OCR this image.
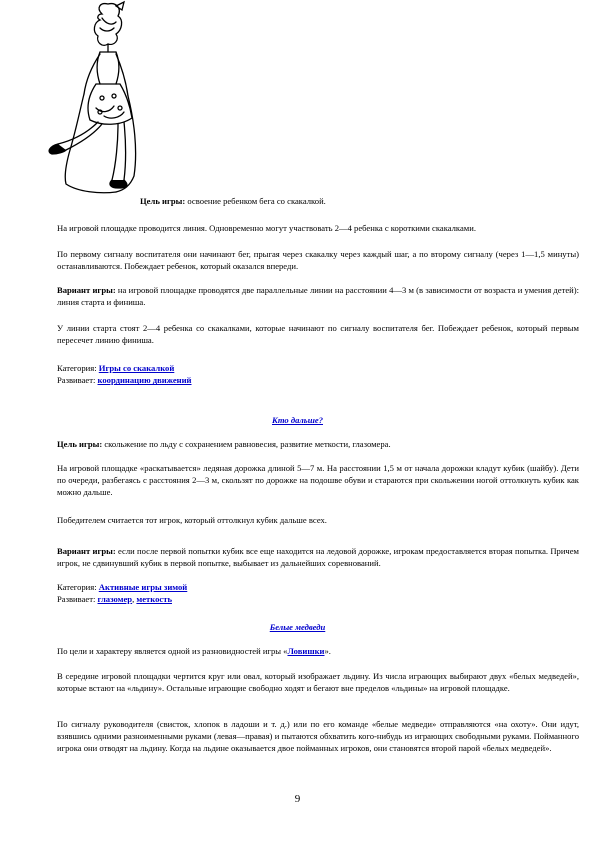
Цель игры: освоение ребенком бега со скакалкой.

На игровой площадке проводится линия. Одновременно могут участвовать 2—4 ребенка с короткими скакалками.

По первому сигналу воспитателя они начинают бег, прыгая через скакалку через каждый шаг, а по второму сигналу (через 1—1,5 минуты) останавливаются. Побеждает ребенок, который оказался впереди.

Вариант игры: на игровой площадке проводятся две параллельные линии на расстоянии 4—3 м (в зависимости от возраста и умения детей): линия старта и финиша.

У линии старта стоят 2—4 ребенка со скакалками, которые начинают по сигналу воспитателя бег. Побеждает ребенок, который первым пересечет линию финиша.

Категория: Игры со скакалкой
Развивает: координацию движений

Кто дальше?

Цель игры: скольжение по льду с сохранением равновесия, развитие меткости, глазомера.

На игровой площадке «раскатывается» ледяная дорожка длиной 5—7 м. На расстоянии 1,5 м от начала дорожки кладут кубик (шайбу). Дети по очереди, разбегаясь с расстояния 2—3 м, скользят по дорожке на подошве обуви и стараются при скольжении ногой оттолкнуть кубик как можно дальше.

Победителем считается тот игрок, который оттолкнул кубик дальше всех.

Вариант игры: если после первой попытки кубик все еще находится на ледовой дорожке, игрокам предоставляется вторая попытка. Причем игрок, не сдвинувший кубик в первой попытке, выбывает из дальнейших соревнований.

Категория: Активные игры зимой
Развивает: глазомер, меткость

Белые медведи

По цели и характеру является одной из разновидностей игры «Ловишки».

В середине игровой площадки чертится круг или овал, который изображает льдину. Из числа играющих выбирают двух «белых медведей», которые встают на «льдину». Остальные играющие свободно ходят и бегают вне пределов «льдины» на игровой площадке.

По сигналу руководителя (свисток, хлопок в ладоши и т. д.) или по его команде «белые медведи» отправляются «на охоту». Они идут, взявшись одними разноименными руками (левая—правая) и пытаются обхватить кого-нибудь из играющих свободными руками. Пойманного игрока они отводят на льдину. Когда на льдине оказывается двое пойманных игроков, они становятся второй парой «белых медведей».

9
